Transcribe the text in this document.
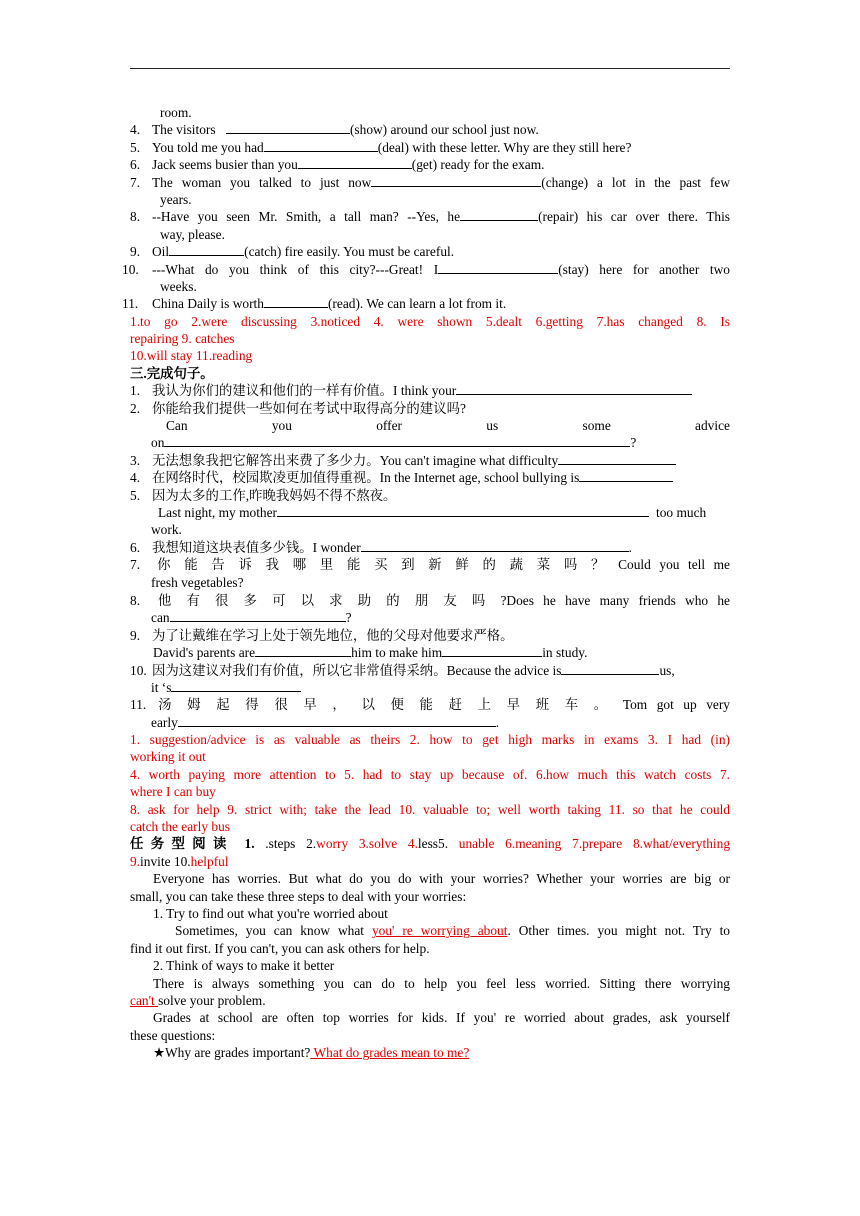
room.
4. The visitors	(show) around our school just now.
5. You told me you had	(deal) with these letter. Why are they still here?
6. Jack seems busier than you	(get) ready for the exam.
7. The woman you talked to just now	(change) a lot in the past few
years.
8. --Have you seen Mr. Smith, a tall man? --Yes, he	(repair) his car over there. This
way, please.
9. Oil	(catch) fire easily. You must be careful.
10. ---What do you think of this city?---Great! I	(stay) here for another two
weeks.
11. China Daily is worth	(read). We can learn a lot from it.
1.to go 2.were discussing 3.noticed 4. were shown 5.dealt 6.getting 7.has changed 8. Is
repairing 9. catches
10.will stay 11.reading
三.完成句子。
1. 我认为你们的建议和他们的一样有价值。I think your
2. 你能给我们提供一些如何在考试中取得高分的建议吗?
Can	you	offer	us	some	advice
on	?
3. 无法想象我把它解答出来费了多少力。You can't imagine what difficulty
4. 在网络时代，校园欺凌更加值得重视。In the Internet age, school bullying is
5. 因为太多的工作,昨晚我妈妈不得不熬夜。
Last night, my mother	too much
work.
6. 我想知道这块表值多少钱。I wonder	.
7. 你 能 告 诉 我 哪 里 能 买 到 新 鲜 的 蔬 菜 吗 ？ Could you tell me
fresh vegetables?
8. 他 有 很 多 可 以 求 助 的 朋 友 吗 ?Does he have many friends who he
can	?
9. 为了让戴维在学习上处于领先地位，他的父母对他要求严格。
David's parents are	him to make him	in study.
10. 因为这建议对我们有价值，所以它非常值得采纳。Because the advice is	us,
it ‘s
11. 汤 姆 起 得 很 早 ， 以 便 能 赶 上 早 班 车 。 Tom got up very
early	.
1. suggestion/advice is as valuable as theirs 2. how to get high marks in exams 3. I had (in)
working it out
4. worth paying more attention to 5. had to stay up because of. 6.how much this watch costs 7.
where I can buy
8. ask for help 9. strict with; take the lead 10. valuable to; well worth taking 11. so that he could
catch the early bus
任务型阅读 1. .steps 2.worry 3.solve 4.less5. unable 6.meaning 7.prepare 8.what/everything
9.invite 10.helpful
Everyone has worries. But what do you do with your worries? Whether your worries are big or
small, you can take these three steps to deal with your worries:
1. Try to find out what you're worried about
Sometimes, you can know what you' re worrying about. Other times. you might not. Try to
find it out first. If you can't, you can ask others for help.
2. Think of ways to make it better
There is always something you can do to help you feel less worried. Sitting there worrying
can't solve your problem.
Grades at school are often top worries for kids. If you' re worried about grades, ask yourself
these questions:
★Why are grades important? What do grades mean to me?
